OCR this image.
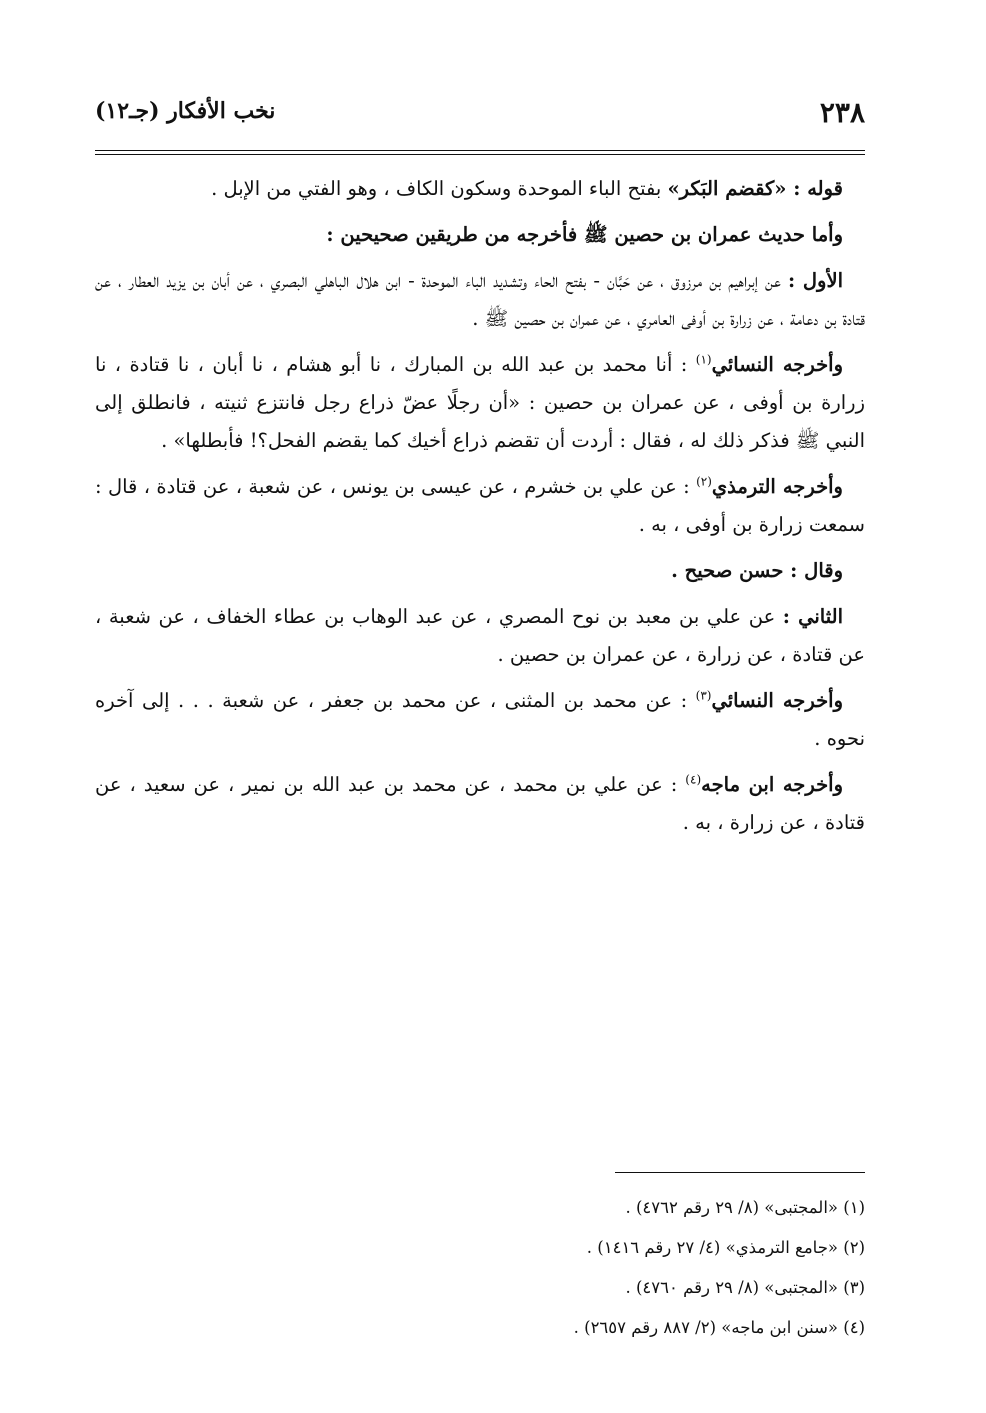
٢٣٨
نخب الأفكار (جـ١٢)

قوله : «كقضم البَكر» بفتح الباء الموحدة وسكون الكاف ، وهو الفتي من الإبل .

وأما حديث عمران بن حصين ﷺ فأخرجه من طريقين صحيحين :

الأول : عن إبراهيم بن مرزوق ، عن حَبَّان - بفتح الحاء وتشديد الباء الموحدة - ابن هلال الباهلي البصري ، عن أبان بن يزيد العطار ، عن قتادة بن دعامة ، عن زرارة بن أوفى العامري ، عن عمران بن حصين ﷺ .

وأخرجه النسائي$^{(١)}$ : أنا محمد بن عبد الله بن المبارك ، نا أبو هشام ، نا أبان ، نا قتادة ، نا زرارة بن أوفى ، عن عمران بن حصين : «أن رجلًا عضّ ذراع رجل فانتزع ثنيته ، فانطلق إلى النبي ﷺ فذكر ذلك له ، فقال : أردت أن تقضم ذراع أخيك كما يقضم الفحل؟! فأبطلها» .

وأخرجه الترمذي$^{(٢)}$ : عن علي بن خشرم ، عن عيسى بن يونس ، عن شعبة ، عن قتادة ، قال : سمعت زرارة بن أوفى ، به .

وقال : حسن صحيح .

الثاني : عن علي بن معبد بن نوح المصري ، عن عبد الوهاب بن عطاء الخفاف ، عن شعبة ، عن قتادة ، عن زرارة ، عن عمران بن حصين .

وأخرجه النسائي$^{(٣)}$ : عن محمد بن المثنى ، عن محمد بن جعفر ، عن شعبة . . . إلى آخره نحوه .

وأخرجه ابن ماجه$^{(٤)}$ : عن علي بن محمد ، عن محمد بن عبد الله بن نمير ، عن سعيد ، عن قتادة ، عن زرارة ، به .

(١) «المجتبى» (٨/ ٢٩ رقم ٤٧٦٢) .

(٢) «جامع الترمذي» (٤/ ٢٧ رقم ١٤١٦) .

(٣) «المجتبى» (٨/ ٢٩ رقم ٤٧٦٠) .

(٤) «سنن ابن ماجه» (٢/ ٨٨٧ رقم ٢٦٥٧) .
